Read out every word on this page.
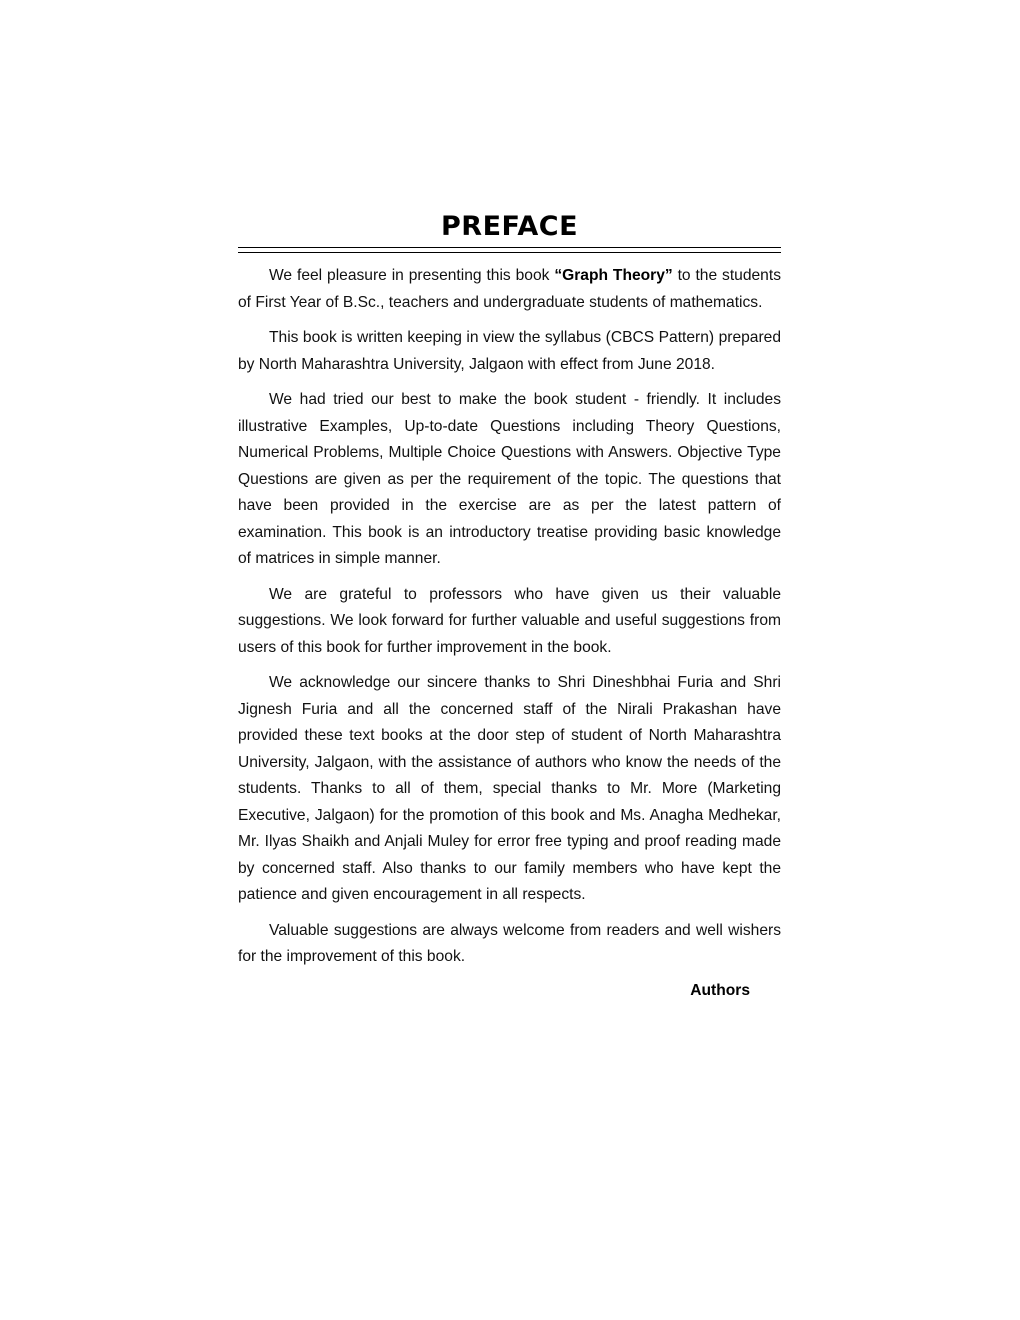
PREFACE

We feel pleasure in presenting this book “Graph Theory” to the students of First Year of B.Sc., teachers and undergraduate students of mathematics.

This book is written keeping in view the syllabus (CBCS Pattern) prepared by North Maharashtra University, Jalgaon with effect from June 2018.

We had tried our best to make the book student - friendly. It includes illustrative Examples, Up-to-date Questions including Theory Questions, Numerical Problems, Multiple Choice Questions with Answers. Objective Type Questions are given as per the requirement of the topic. The questions that have been provided in the exercise are as per the latest pattern of examination. This book is an introductory treatise providing basic knowledge of matrices in simple manner.

We are grateful to professors who have given us their valuable suggestions. We look forward for further valuable and useful suggestions from users of this book for further improvement in the book.

We acknowledge our sincere thanks to Shri Dineshbhai Furia and Shri Jignesh Furia and all the concerned staff of the Nirali Prakashan have provided these text books at the door step of student of North Maharashtra University, Jalgaon, with the assistance of authors who know the needs of the students. Thanks to all of them, special thanks to Mr. More (Marketing Executive, Jalgaon) for the promotion of this book and Ms. Anagha Medhekar, Mr. Ilyas Shaikh and Anjali Muley for error free typing and proof reading made by concerned staff. Also thanks to our family members who have kept the patience and given encouragement in all respects.

Valuable suggestions are always welcome from readers and well wishers for the improvement of this book.

Authors
